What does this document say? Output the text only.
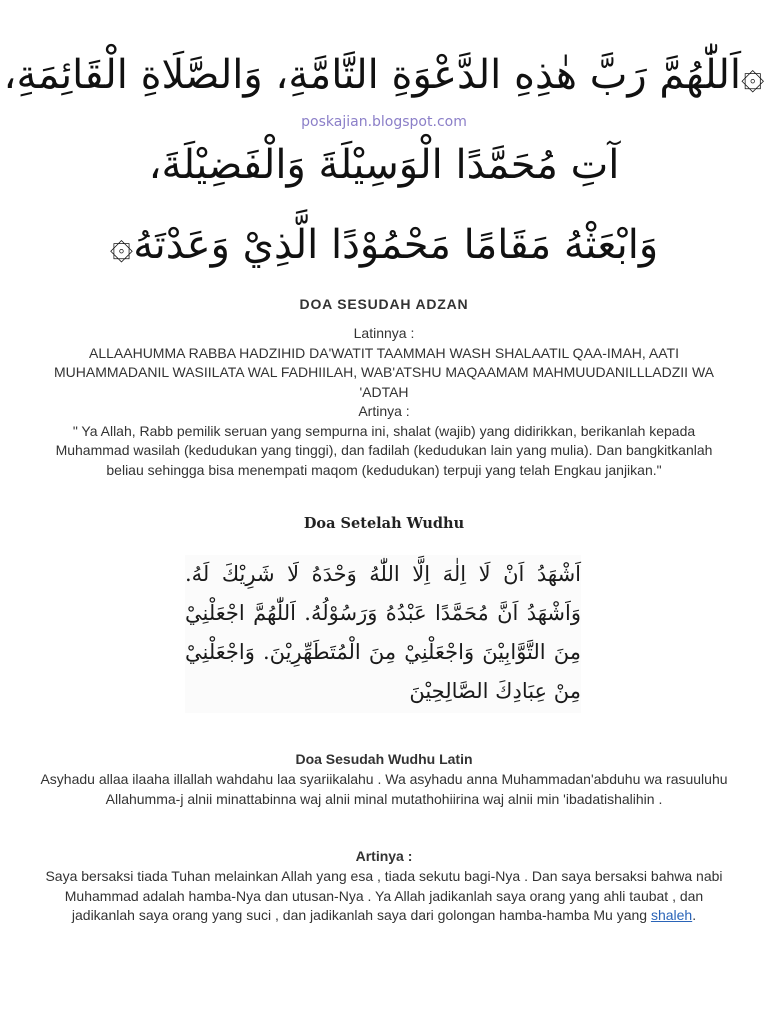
۞اَللّٰهُمَّ رَبَّ هٰذِهِ الدَّعْوَةِ التَّامَّةِ، وَالصَّلَاةِ الْقَائِمَةِ،
poskajian.blogspot.com
آتِ مُحَمَّدًا الْوَسِيْلَةَ وَالْفَضِيْلَةَ،
وَابْعَثْهُ مَقَامًا مَحْمُوْدًا الَّذِيْ وَعَدْتَهُ۞
DOA SESUDAH ADZAN

Latinnya :

ALLAAHUMMA RABBA HADZIHID DA'WATIT TAAMMAH WASH SHALAATIL QAA-IMAH, AATI MUHAMMADANIL WASIILATA WAL FADHIILAH, WAB'ATSHU MAQAAMAM MAHMUUDANILLLADZII WA 'ADTAH

Artinya :

" Ya Allah, Rabb pemilik seruan yang sempurna ini, shalat (wajib) yang didirikkan, berikanlah kepada Muhammad wasilah (kedudukan yang tinggi), dan fadilah (kedudukan lain yang mulia). Dan bangkitkanlah beliau sehingga bisa menempati maqom (kedudukan) terpuji yang telah Engkau janjikan."

Doa Setelah Wudhu
اَشْهَدُ اَنْ لَا اِلٰهَ اِلَّا اللّٰهُ وَحْدَهُ لَا شَرِيْكَ لَهُ. وَاَشْهَدُ اَنَّ مُحَمَّدًا عَبْدُهُ وَرَسُوْلُهُ. اَللّٰهُمَّ اجْعَلْنِيْ مِنَ التَّوَّابِيْنَ وَاجْعَلْنِيْ مِنَ الْمُتَطَهِّرِيْنَ. وَاجْعَلْنِيْ مِنْ عِبَادِكَ الصَّالِحِيْنَ
Doa Sesudah Wudhu Latin

Asyhadu allaa ilaaha illallah wahdahu laa syariikalahu . Wa asyhadu anna Muhammadan'abduhu wa rasuuluhu Allahumma-j alnii minattabinna waj alnii minal mutathohiirina waj alnii min 'ibadatishalihin .

Artinya :

Saya bersaksi tiada Tuhan melainkan Allah yang esa , tiada sekutu bagi-Nya . Dan saya bersaksi bahwa nabi Muhammad adalah hamba-Nya dan utusan-Nya . Ya Allah jadikanlah saya orang yang ahli taubat , dan jadikanlah saya orang yang suci , dan jadikanlah saya dari golongan hamba-hamba Mu yang shaleh.
